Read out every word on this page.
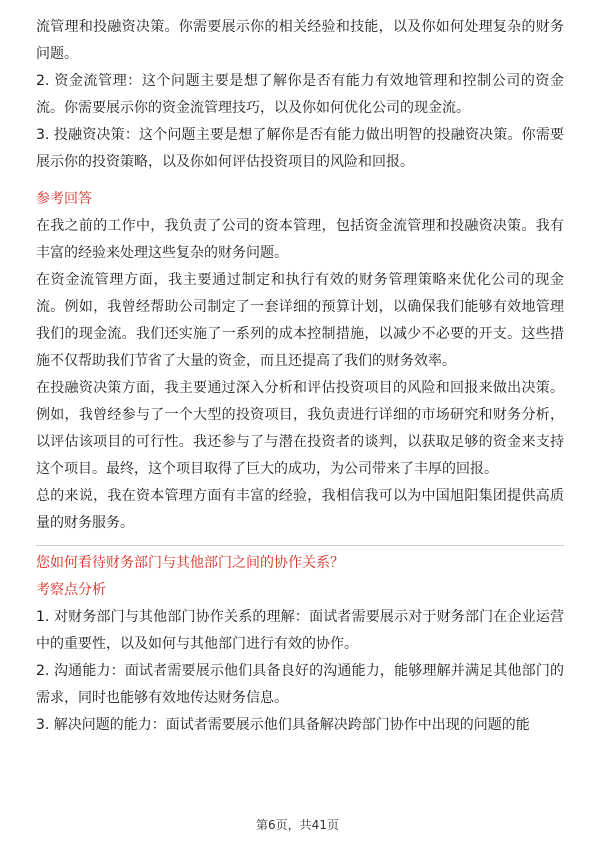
流管理和投融资决策。你需要展示你的相关经验和技能，以及你如何处理复杂的财务问题。

2. 资金流管理：这个问题主要是想了解你是否有能力有效地管理和控制公司的资金流。你需要展示你的资金流管理技巧，以及你如何优化公司的现金流。

3. 投融资决策：这个问题主要是想了解你是否有能力做出明智的投融资决策。你需要展示你的投资策略，以及你如何评估投资项目的风险和回报。

参考回答

在我之前的工作中，我负责了公司的资本管理，包括资金流管理和投融资决策。我有丰富的经验来处理这些复杂的财务问题。

在资金流管理方面，我主要通过制定和执行有效的财务管理策略来优化公司的现金流。例如，我曾经帮助公司制定了一套详细的预算计划，以确保我们能够有效地管理我们的现金流。我们还实施了一系列的成本控制措施，以减少不必要的开支。这些措施不仅帮助我们节省了大量的资金，而且还提高了我们的财务效率。

在投融资决策方面，我主要通过深入分析和评估投资项目的风险和回报来做出决策。例如，我曾经参与了一个大型的投资项目，我负责进行详细的市场研究和财务分析，以评估该项目的可行性。我还参与了与潜在投资者的谈判，以获取足够的资金来支持这个项目。最终，这个项目取得了巨大的成功，为公司带来了丰厚的回报。

总的来说，我在资本管理方面有丰富的经验，我相信我可以为中国旭阳集团提供高质量的财务服务。

您如何看待财务部门与其他部门之间的协作关系？

考察点分析

1. 对财务部门与其他部门协作关系的理解：面试者需要展示对于财务部门在企业运营中的重要性，以及如何与其他部门进行有效的协作。

2. 沟通能力：面试者需要展示他们具备良好的沟通能力，能够理解并满足其他部门的需求，同时也能够有效地传达财务信息。

3. 解决问题的能力：面试者需要展示他们具备解决跨部门协作中出现的问题的能

第6页，共41页
